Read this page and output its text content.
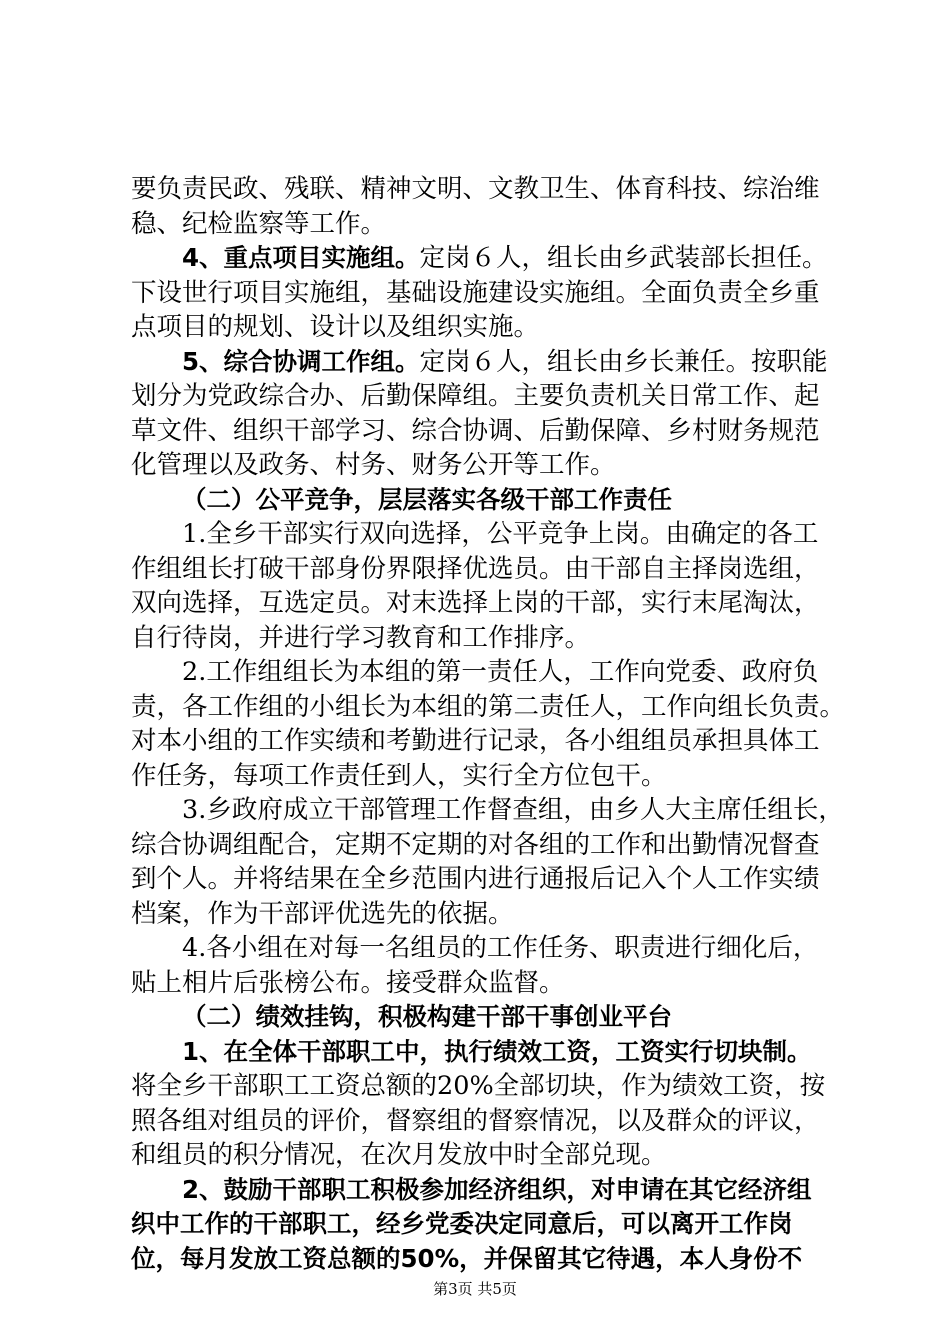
要负责民政、残联、精神文明、文教卫生、体育科技、综治维
稳、纪检监察等工作。
4、重点项目实施组。定岗６人，组长由乡武装部长担任。
下设世行项目实施组，基础设施建设实施组。全面负责全乡重
点项目的规划、设计以及组织实施。
5、综合协调工作组。定岗６人，组长由乡长兼任。按职能
划分为党政综合办、后勤保障组。主要负责机关日常工作、起
草文件、组织干部学习、综合协调、后勤保障、乡村财务规范
化管理以及政务、村务、财务公开等工作。
（二）公平竞争，层层落实各级干部工作责任
1.全乡干部实行双向选择，公平竞争上岗。由确定的各工
作组组长打破干部身份界限择优选员。由干部自主择岗选组，
双向选择，互选定员。对末选择上岗的干部，实行末尾淘汰，
自行待岗，并进行学习教育和工作排序。
2.工作组组长为本组的第一责任人，工作向党委、政府负
责，各工作组的小组长为本组的第二责任人，工作向组长负责。
对本小组的工作实绩和考勤进行记录，各小组组员承担具体工
作任务，每项工作责任到人，实行全方位包干。
3.乡政府成立干部管理工作督查组，由乡人大主席任组长，
综合协调组配合，定期不定期的对各组的工作和出勤情况督查
到个人。并将结果在全乡范围内进行通报后记入个人工作实绩
档案，作为干部评优选先的依据。
4.各小组在对每一名组员的工作任务、职责进行细化后，
贴上相片后张榜公布。接受群众监督。
（二）绩效挂钩，积极构建干部干事创业平台
1、在全体干部职工中，执行绩效工资，工资实行切块制。
将全乡干部职工工资总额的20%全部切块，作为绩效工资，按
照各组对组员的评价，督察组的督察情况，以及群众的评议，
和组员的积分情况，在次月发放中时全部兑现。
2、鼓励干部职工积极参加经济组织，对申请在其它经济组
织中工作的干部职工，经乡党委决定同意后，可以离开工作岗
位，每月发放工资总额的50%，并保留其它待遇，本人身份不
第3页 共5页
